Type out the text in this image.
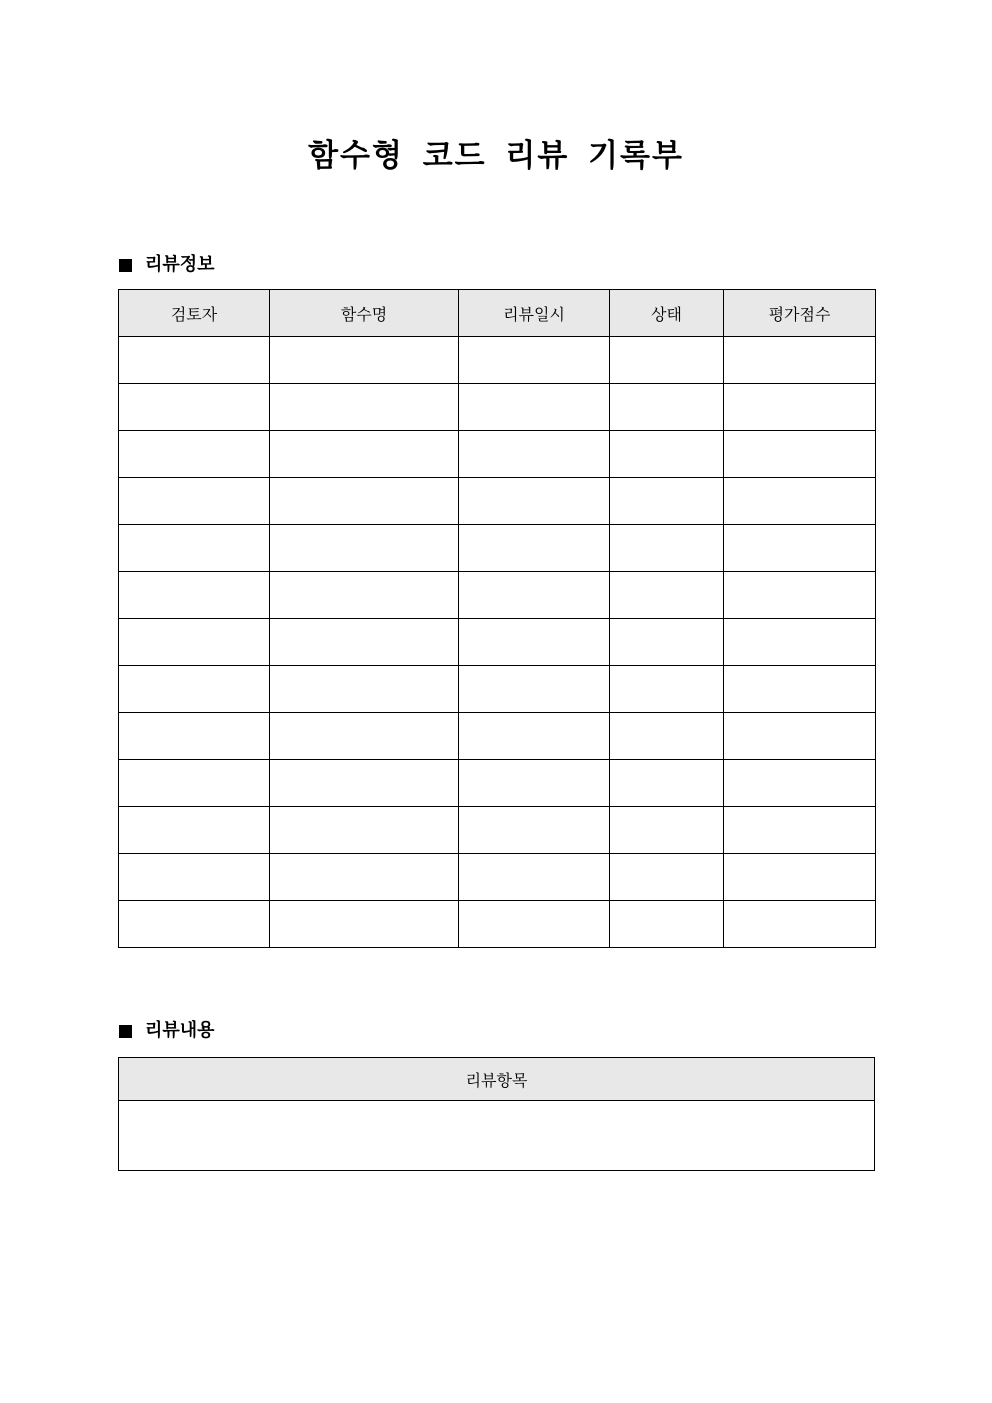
함수형 코드 리뷰 기록부
리뷰정보
검토자	함수명	리뷰일시	상태	평가점수

리뷰내용
리뷰항목
